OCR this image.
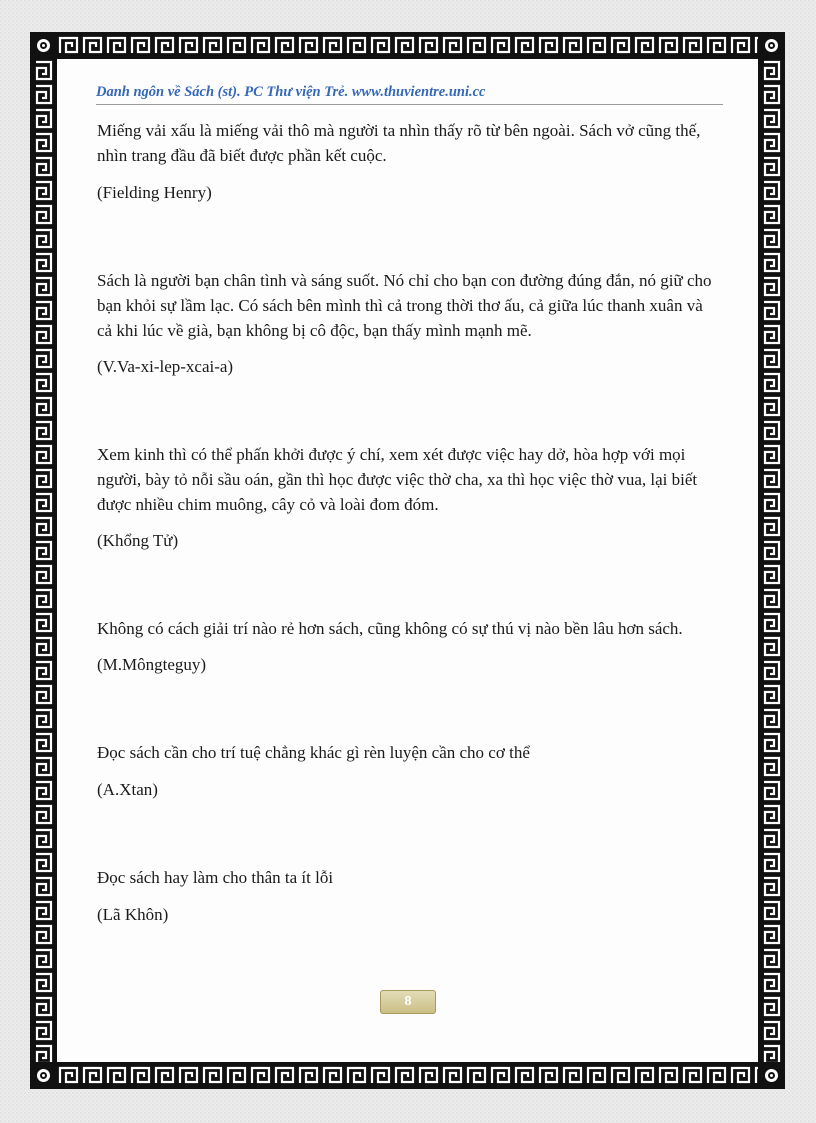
Danh ngôn về Sách (st). PC Thư viện Trẻ. www.thuvientre.uni.cc

Miếng vải xấu là miếng vải thô mà người ta nhìn thấy rõ từ bên ngoài. Sách vở cũng thế, nhìn trang đầu đã biết được phần kết cuộc.

(Fielding Henry)

Sách là người bạn chân tình và sáng suốt. Nó chỉ cho bạn con đường đúng đắn, nó giữ cho bạn khỏi sự lầm lạc. Có sách bên mình thì cả trong thời thơ ấu, cả giữa lúc thanh xuân và cả khi lúc về già, bạn không bị cô độc, bạn thấy mình mạnh mẽ.

(V.Va-xi-lep-xcai-a)

Xem kinh thì có thể phấn khởi được ý chí, xem xét được việc hay dở, hòa hợp với mọi người, bày tỏ nỗi sầu oán, gần thì học được việc thờ cha, xa thì học việc thờ vua, lại biết được nhiều chim muông, cây cỏ và loài đom đóm.

(Khổng Tử)

Không có cách giải trí nào rẻ hơn sách, cũng không có sự thú vị nào bền lâu hơn sách.

(M.Môngteguy)

Đọc sách cần cho trí tuệ chẳng khác gì rèn luyện cần cho cơ thể

(A.Xtan)

Đọc sách hay làm cho thân ta ít lỗi

(Lã Khôn)

8
